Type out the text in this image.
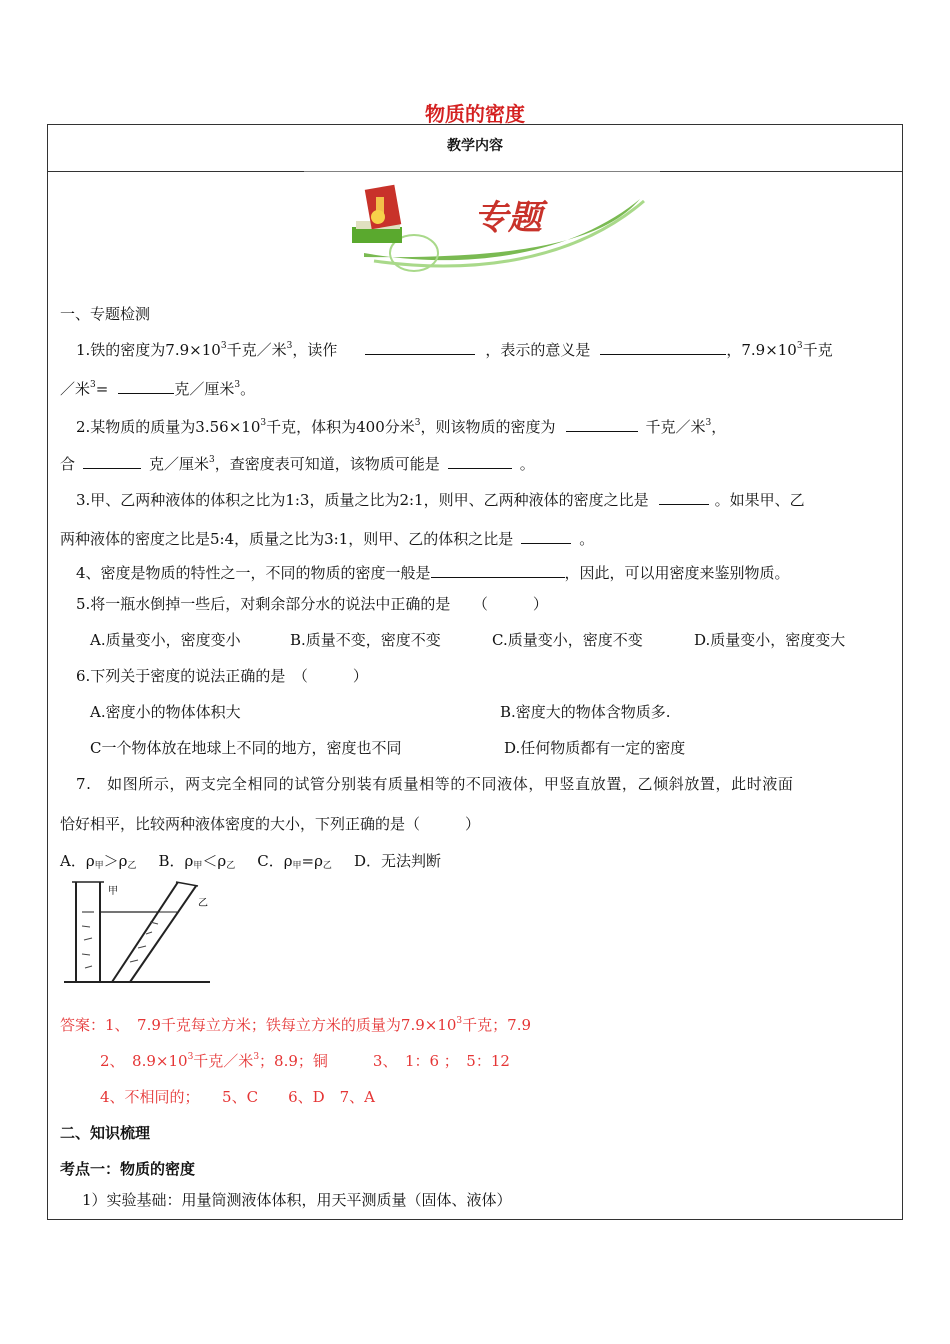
物质的密度
教学内容
专题
一、专题检测
1.铁的密度为$7.9\times 10^3$千克／米$^3$，读作	，表示的意义是	，$7.9\times 10^3$千克
／米$^3$=	克／厘米$^3$。
2.某物质的质量为$3.56\times 10^3$千克，体积为400分米$^3$，则该物质的密度为	千克／米$^3$，
合	克／厘米$^3$，查密度表可知道，该物质可能是	。
3.甲、乙两种液体的体积之比为1:3，质量之比为2:1，则甲、乙两种液体的密度之比是	。如果甲、乙
两种液体的密度之比是5:4，质量之比为3:1，则甲、乙的体积之比是	。
4、密度是物质的特性之一，不同的物质的密度一般是	，因此，可以用密度来鉴别物质。
5.将一瓶水倒掉一些后，对剩余部分水的说法中正确的是　　（　　　）
A.质量变小，密度变小	B.质量不变，密度不变	C.质量变小，密度不变	D.质量变小，密度变大
6.下列关于密度的说法正确的是　（　　　）
A.密度小的物体体积大	B.密度大的物体含物质多.
C一个物体放在地球上不同的地方，密度也不同	D.任何物质都有一定的密度
7.　如图所示，两支完全相同的试管分别装有质量相等的不同液体，甲竖直放置，乙倾斜放置，此时液面
恰好相平，比较两种液体密度的大小，下列正确的是（　　　）
A．$\rho_甲>\rho_乙$ B．$\rho_甲<\rho_乙$ C．$\rho_甲=\rho_乙$ D．无法判断
甲
乙
答案：1、　7.9千克每立方米；铁每立方米的质量为$7.9\times 10^3$千克；7.9
2、　$8.9\times 10^3$千克／米$^3$；8.9；铜　　　3、　1：6 ；　5：12
4、不相同的；　　5、C　　6、D　7、A
二、知识梳理
考点一：物质的密度
1）实验基础：用量筒测液体体积，用天平测质量（固体、液体）
